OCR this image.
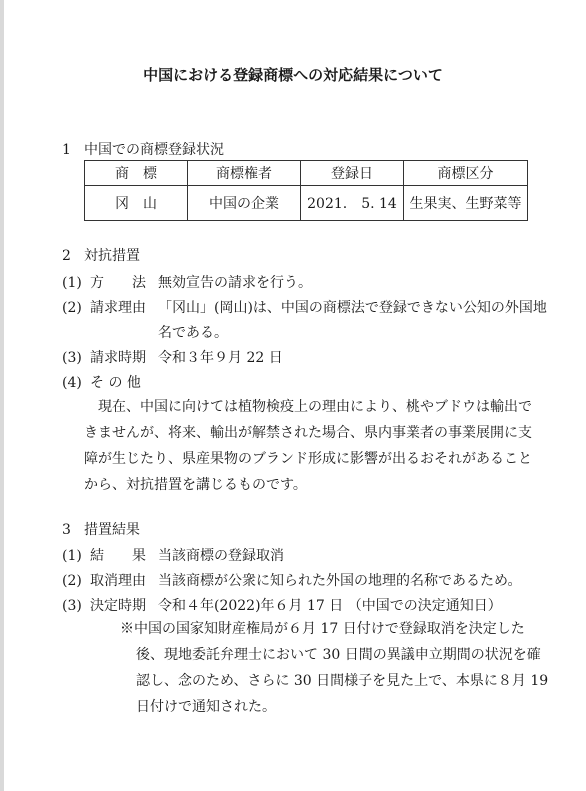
中国における登録商標への対応結果について
1 中国での商標登録状況
商　標	商標権者	登録日	商標区分
冈　山	中国の企業	2021.　5. 14	生果実、生野菜等
2 対抗措置
(1) 方　　法 無効宣告の請求を行う。
(2) 請求理由 「冈山」(岡山)は、中国の商標法で登録できない公知の外国地
名である。
(3) 請求時期 令和３年９月 22 日
(4) そ の 他
現在、中国に向けては植物検疫上の理由により、桃やブドウは輸出で
きませんが、将来、輸出が解禁された場合、県内事業者の事業展開に支
障が生じたり、県産果物のブランド形成に影響が出るおそれがあること
から、対抗措置を講じるものです。
3 措置結果
(1) 結　　果 当該商標の登録取消
(2) 取消理由 当該商標が公衆に知られた外国の地理的名称であるため。
(3) 決定時期 令和４年(2022)年６月 17 日 （中国での決定通知日）
※中国の国家知財産権局が６月 17 日付けで登録取消を決定した
後、現地委託弁理士において 30 日間の異議申立期間の状況を確
認し、念のため、さらに 30 日間様子を見た上で、本県に８月 19
日付けで通知された。
